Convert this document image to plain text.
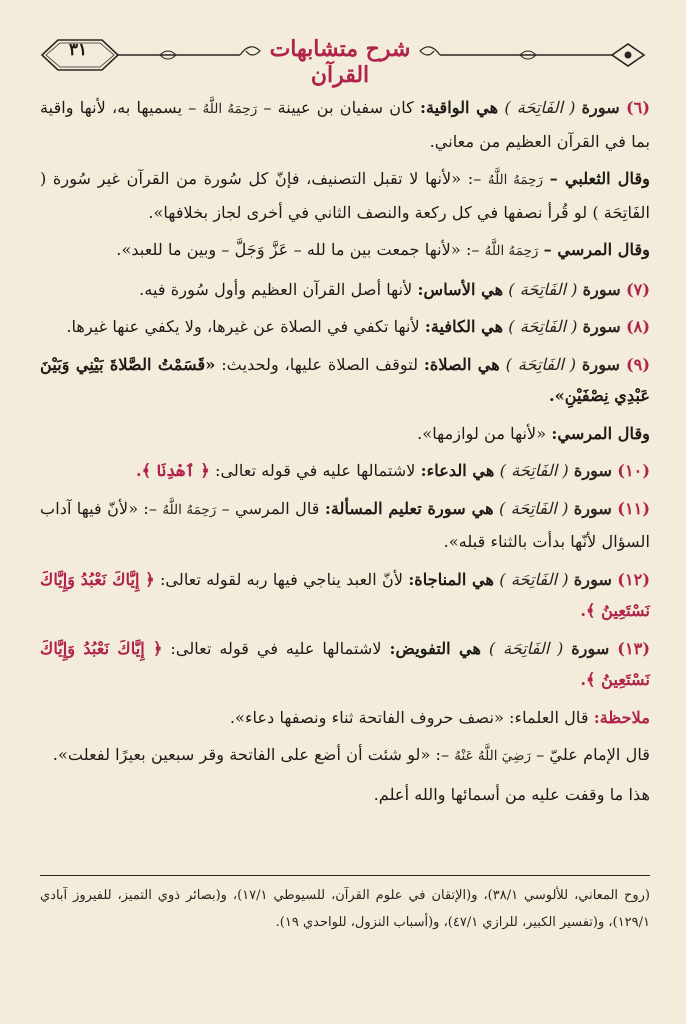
٣١	شرح متشابهات القرآن

(٦) سورة ( الفَاتِحَة ) هي الواقية: كان سفيان بن عيينة – رَحِمَهُ اللَّهُ – يسميها به، لأنها واقية بما في القرآن العظيم من معاني.

وقال الثعلبي – رَحِمَهُ اللَّهُ –: «لأنها لا تقبل التصنيف، فإنّ كل سُورة من القرآن غير سُورة ( الفَاتِحَة ) لو قُرأ نصفها في كل ركعة والنصف الثاني في أخرى لجاز بخلافها».

وقال المرسي – رَحِمَهُ اللَّهُ –: «لأنها جمعت بين ما لله – عَزَّ وَجَلَّ – وبين ما للعبد».

(٧) سورة ( الفَاتِحَة ) هي الأساس: لأنها أصل القرآن العظيم وأول سُورة فيه.

(٨) سورة ( الفَاتِحَة ) هي الكافية: لأنها تكفي في الصلاة عن غيرها، ولا يكفي عنها غيرها.

(٩) سورة ( الفَاتِحَة ) هي الصلاة: لتوقف الصلاة عليها، ولحديث: «قَسَمْتُ الصَّلاةَ بَيْنِي وَبَيْنَ عَبْدِي نِصْفَيْنِ».

وقال المرسي: «لأنها من لوازمها».

(١٠) سورة ( الفَاتِحَة ) هي الدعاء: لاشتمالها عليه في قوله تعالى: ﴿ ٱهْدِنَا ﴾.

(١١) سورة ( الفَاتِحَة ) هي سورة تعليم المسألة: قال المرسي – رَحِمَهُ اللَّهُ –: «لأنّ فيها آداب السؤال لأنّها بدأت بالثناء قبله».

(١٢) سورة ( الفَاتِحَة ) هي المناجاة: لأنّ العبد يناجي فيها ربه لقوله تعالى: ﴿ إِيَّاكَ نَعْبُدُ وَإِيَّاكَ نَسْتَعِينُ ﴾.

(١٣) سورة ( الفَاتِحَة ) هي التفويض: لاشتمالها عليه في قوله تعالى: ﴿ إِيَّاكَ نَعْبُدُ وَإِيَّاكَ نَسْتَعِينُ ﴾.

ملاحظة: قال العلماء: «نصف حروف الفاتحة ثناء ونصفها دعاء».

قال الإمام عليّ – رَضِيَ اللَّهُ عَنْهُ –: «لو شئت أن أضع على الفاتحة وقر سبعين بعيرًا لفعلت».

هذا ما وقفت عليه من أسمائها والله أعلم.

(روح المعاني، للألوسي ٣٨/١)، و(الإتقان في علوم القرآن، للسيوطي ١٧/١)، و(بصائر ذوي التميز، للفيروز آبادي ١٢٩/١)، و(تفسير الكبير، للرازي ٤٧/١)، و(أسباب النزول، للواحدي ١٩).
